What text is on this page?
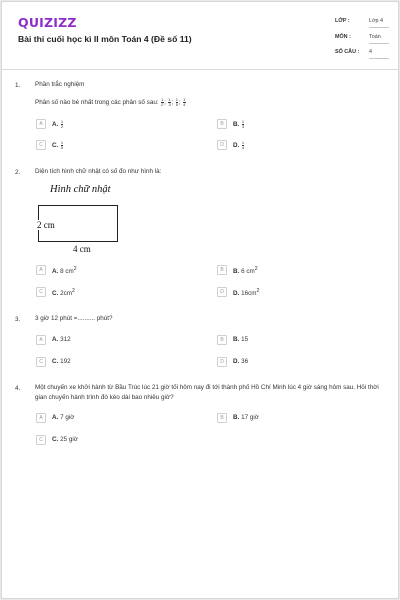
QUIZIZZ
Bài thi cuối học kì II môn Toán 4 (Đề số 11)
LỚP :	Lớp 4
MÔN :	Toán
SỐ CÂU : 4
1. Phần trắc nghiệm
Phân số nào bé nhất trong các phân số sau: $\frac{1}{2}$ ; $\frac{1}{3}$ ; $\frac{1}{5}$ ; $\frac{1}{4}$
A	A. $\frac{1}{2}$	B	B. $\frac{1}{3}$
C	C. $\frac{1}{5}$	D	D. $\frac{1}{4}$
2. Diện tích hình chữ nhật có số đo như hình là:
Hình chữ nhật
2 cm
4 cm
A	A. 8 $cm^2$	B	B. 6 $cm^2$
C	C. $2cm^2$	D	D. $16cm^2$
3. 3 giờ 12 phút =.......... phút?
A	A. 312	B	B. 15
C	C. 192	D	D. 36
4. Một chuyến xe khởi hành từ Bầu Trúc lúc 21 giờ tối hôm nay đi tới thành phố Hồ Chí Minh lúc 4 giờ sáng hôm sau. Hỏi thời gian chuyến hành trình đó kéo dài bao nhiêu giờ?
A	A. 7 giờ	B	B. 17 giờ
C	C. 25 giờ
